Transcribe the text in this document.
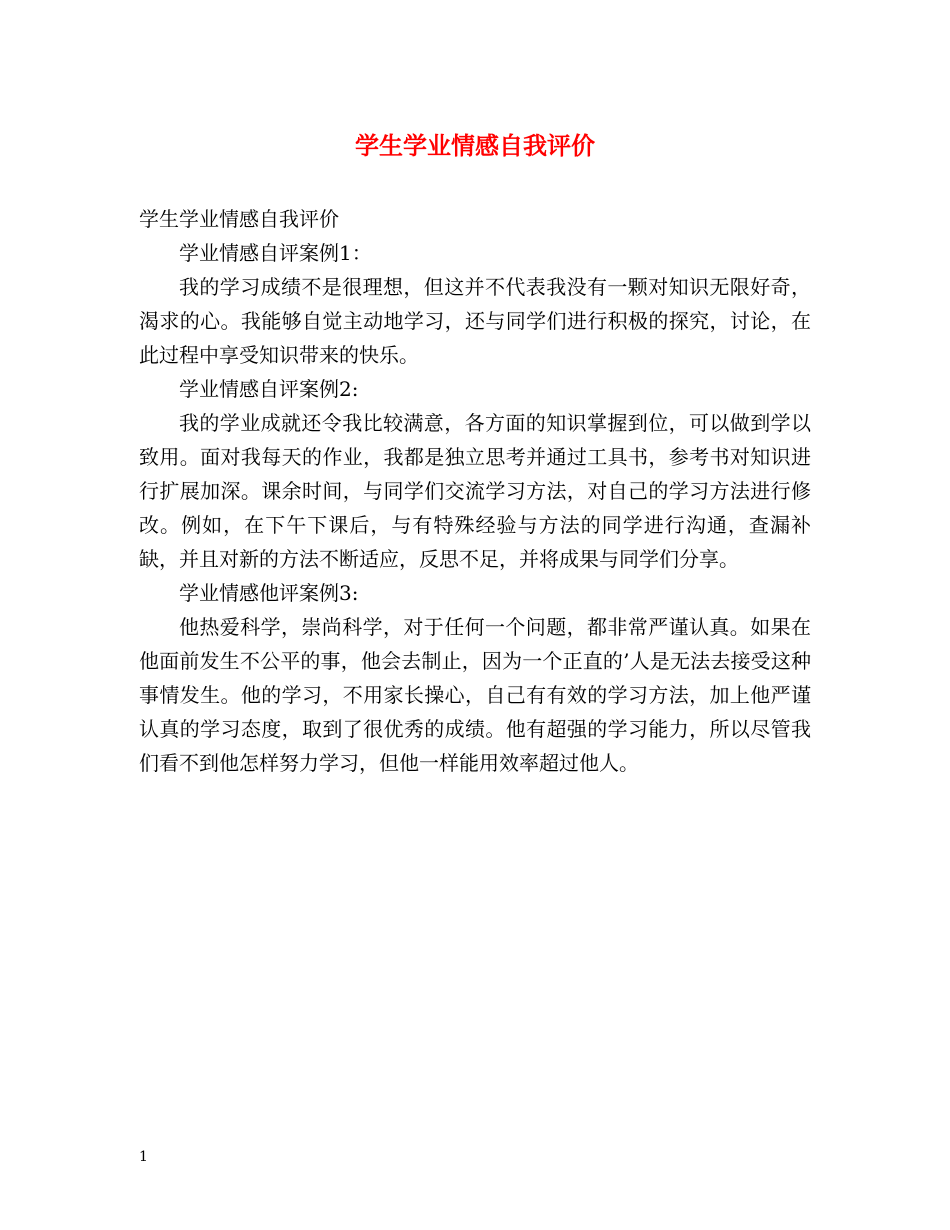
学生学业情感自我评价

学生学业情感自我评价

学业情感自评案例1：

我的学习成绩不是很理想，但这并不代表我没有一颗对知识无限好奇，渴求的心。我能够自觉主动地学习，还与同学们进行积极的探究，讨论，在此过程中享受知识带来的快乐。

学业情感自评案例2:

我的学业成就还令我比较满意，各方面的知识掌握到位，可以做到学以致用。面对我每天的作业，我都是独立思考并通过工具书，参考书对知识进行扩展加深。课余时间，与同学们交流学习方法，对自己的学习方法进行修改。例如，在下午下课后，与有特殊经验与方法的同学进行沟通，查漏补缺，并且对新的方法不断适应，反思不足，并将成果与同学们分享。

学业情感他评案例3:

他热爱科学，崇尚科学，对于任何一个问题，都非常严谨认真。如果在他面前发生不公平的事，他会去制止，因为一个正直的’人是无法去接受这种事情发生。他的学习，不用家长操心，自己有有效的学习方法，加上他严谨认真的学习态度，取到了很优秀的成绩。他有超强的学习能力，所以尽管我们看不到他怎样努力学习，但他一样能用效率超过他人。

1
